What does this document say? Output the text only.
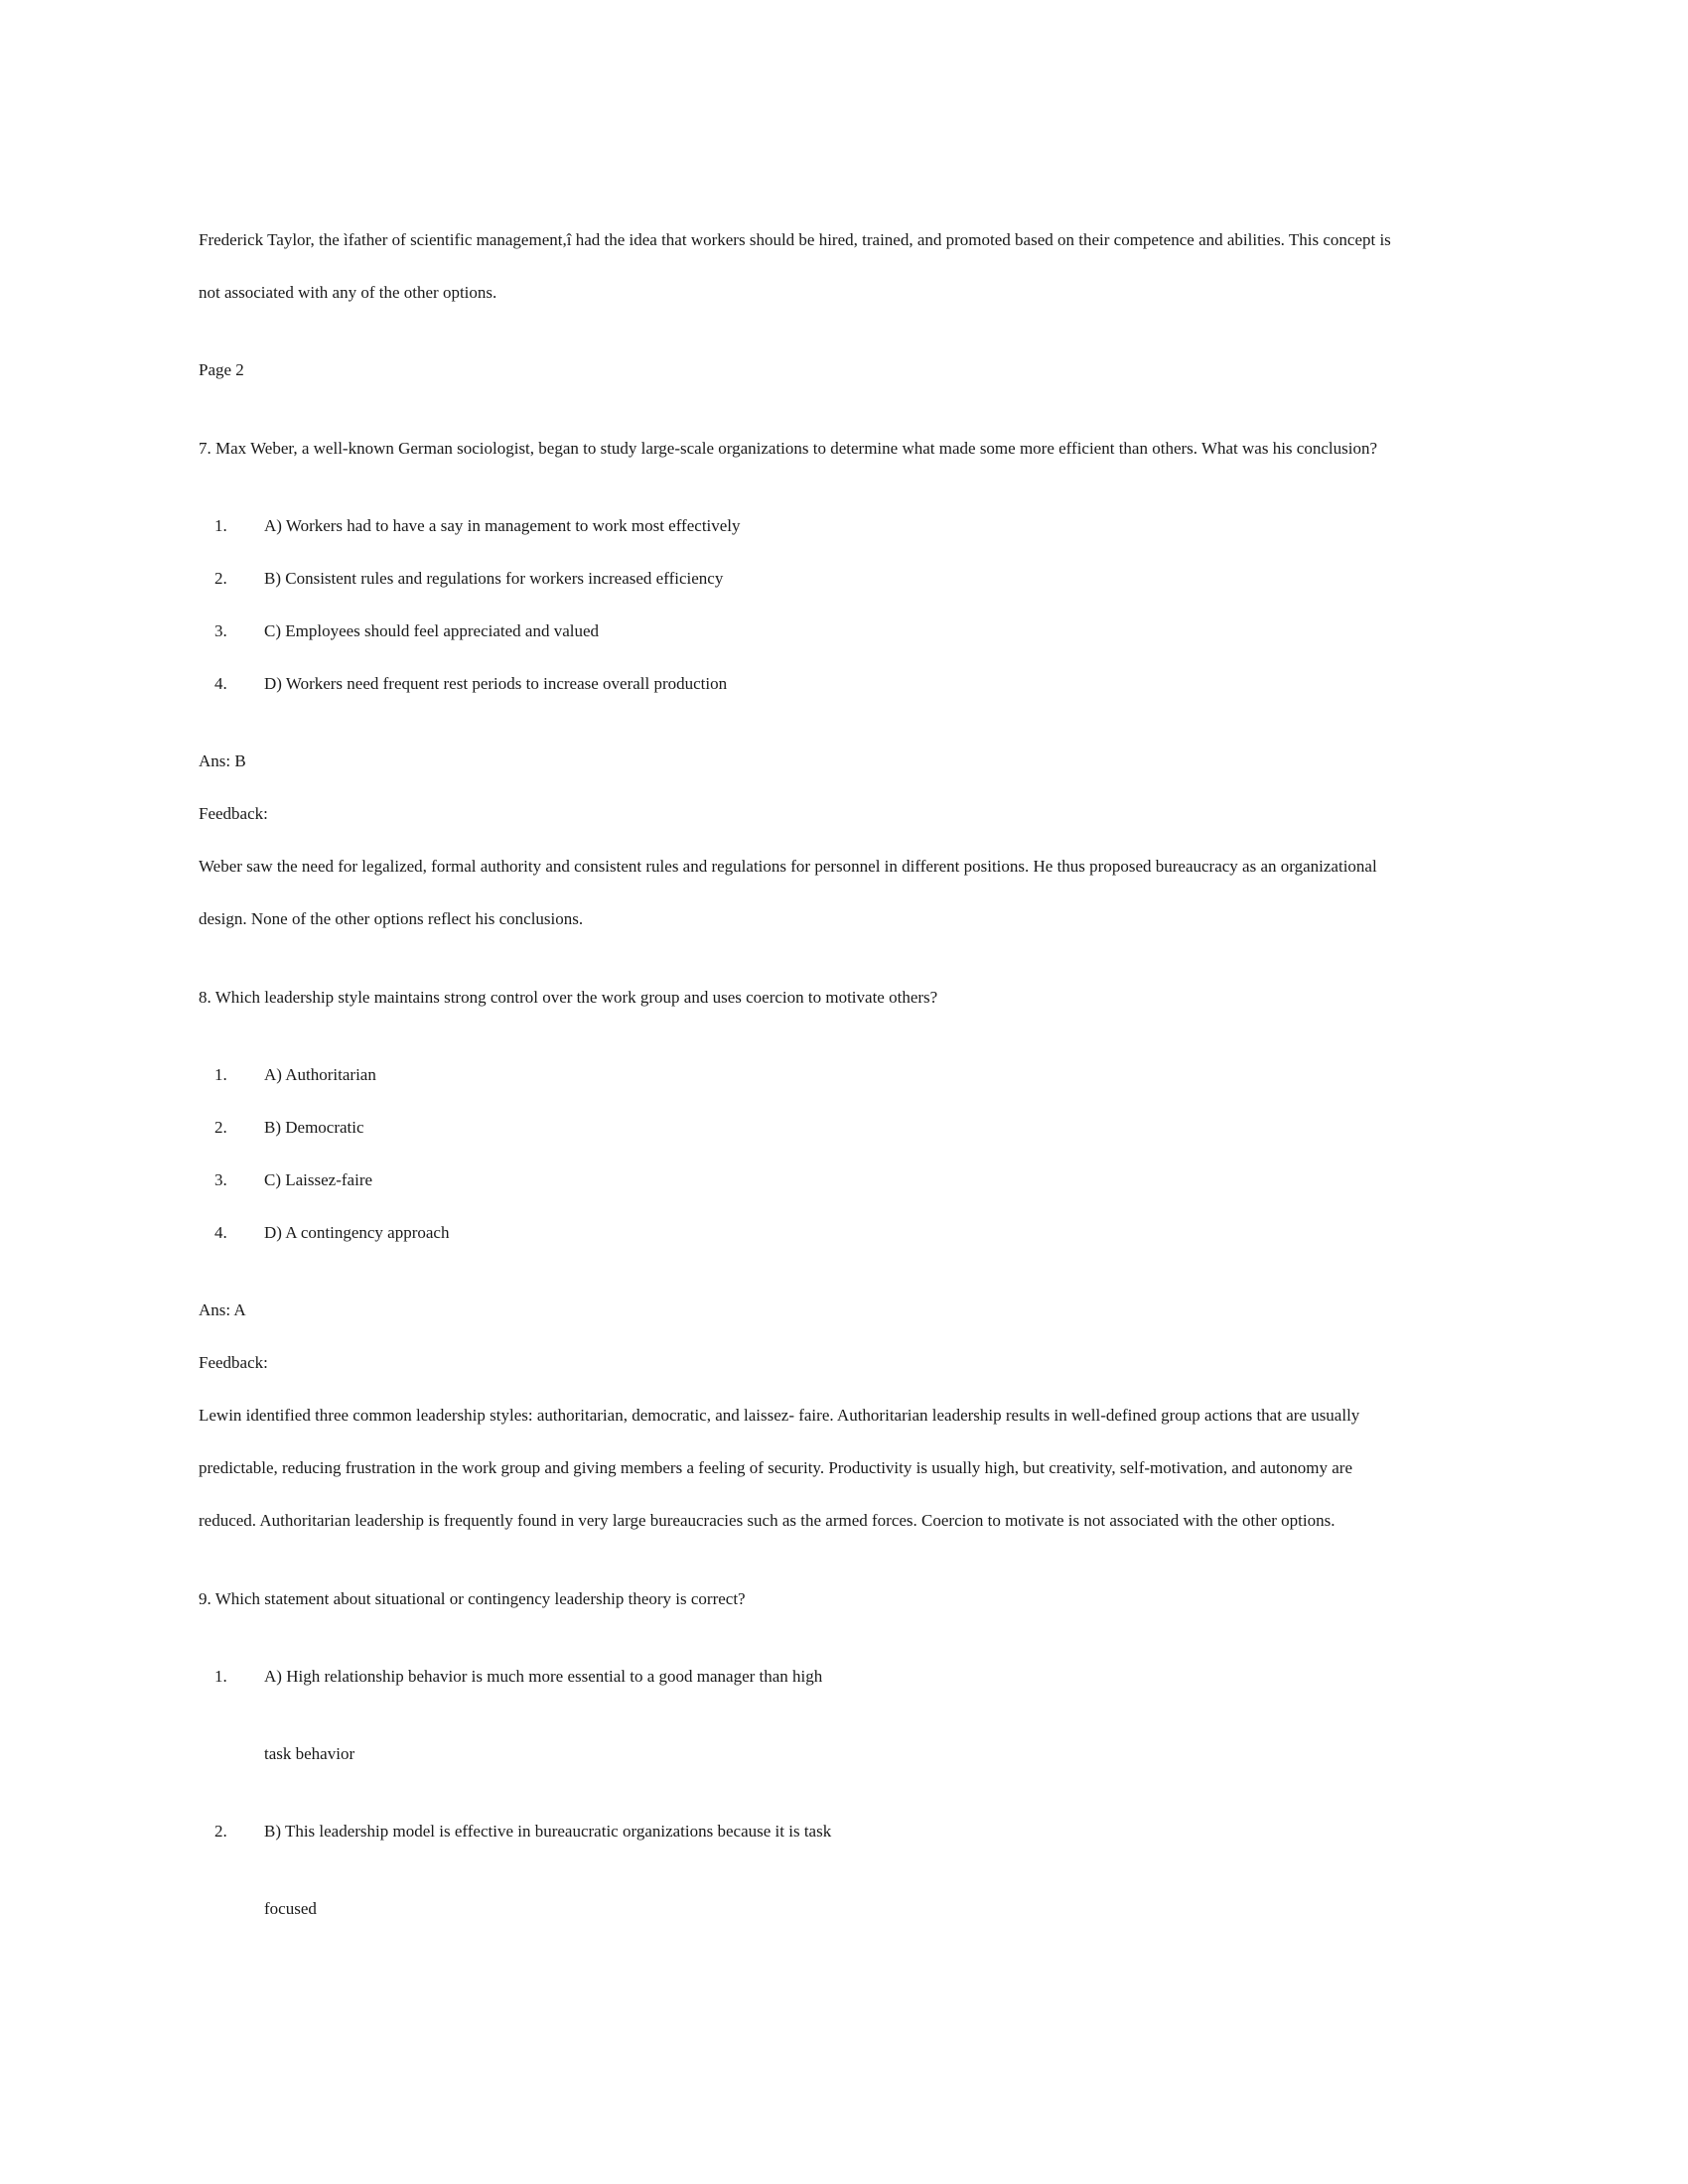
Frederick Taylor, the ìfather of scientific management,î had the idea that workers should be hired, trained, and promoted based on their competence and abilities. This concept is
not associated with any of the other options.
Page 2
7. Max Weber, a well-known German sociologist, began to study large-scale organizations to determine what made some more efficient than others. What was his conclusion?
1. A) Workers had to have a say in management to work most effectively
2. B) Consistent rules and regulations for workers increased efficiency
3. C) Employees should feel appreciated and valued
4. D) Workers need frequent rest periods to increase overall production
Ans: B
Feedback:
Weber saw the need for legalized, formal authority and consistent rules and regulations for personnel in different positions. He thus proposed bureaucracy as an organizational
design. None of the other options reflect his conclusions.
8. Which leadership style maintains strong control over the work group and uses coercion to motivate others?
1. A) Authoritarian
2. B) Democratic
3. C) Laissez-faire
4. D) A contingency approach
Ans: A
Feedback:
Lewin identified three common leadership styles: authoritarian, democratic, and laissez- faire. Authoritarian leadership results in well-defined group actions that are usually
predictable, reducing frustration in the work group and giving members a feeling of security. Productivity is usually high, but creativity, self-motivation, and autonomy are
reduced. Authoritarian leadership is frequently found in very large bureaucracies such as the armed forces. Coercion to motivate is not associated with the other options.
9. Which statement about situational or contingency leadership theory is correct?
1. A) High relationship behavior is much more essential to a good manager than high
task behavior
2. B) This leadership model is effective in bureaucratic organizations because it is task
focused
